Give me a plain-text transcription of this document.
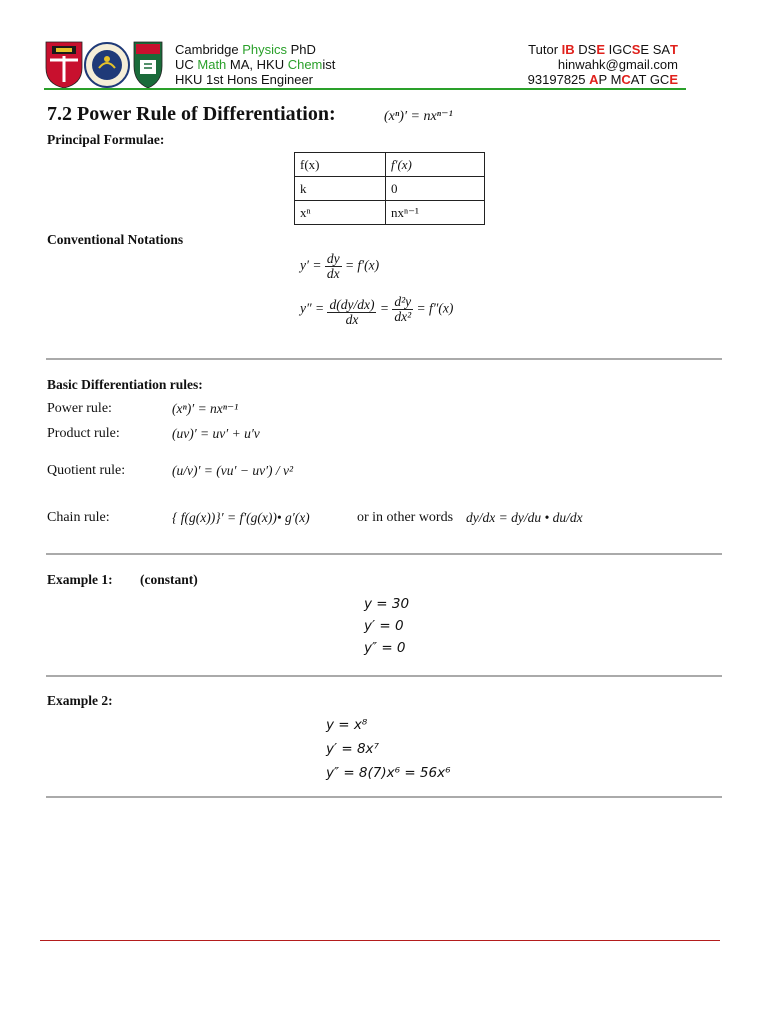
Cambridge Physics PhD
UC Math MA, HKU Chemist
HKU 1st Hons Engineer
Tutor IB DSE IGCSE SAT
hinwahk@gmail.com
93197825 AP MCAT GCE
7.2 Power Rule of Differentiation:	(xⁿ)′ = nxⁿ⁻¹
Principal Formulae:
f(x)	f′(x)
k	0
xⁿ	nxⁿ⁻¹
Conventional Notations
$y' = \frac{dy}{dx} = f'(x)$
$y'' = \frac{d(dy/dx)}{dx} = \frac{\text{d²y}}{\text{dx²}} = f''(x)$
Basic Differentiation rules:
Power rule:	(xⁿ)′ = nxⁿ⁻¹
Product rule:	(uv)′ = uv′ + u′v
Quotient rule:	(u/v)′ = (vu′ − uv′) / v²
Chain rule:	{ f(g(x))}′ = f′(g(x))• g′(x)	or in other words dy/dx = dy/du • du/dx
Example 1: (constant)
y = 30
y′ = 0
y″ = 0
Example 2:
y = x⁸
y′ = 8x⁷
y″ = 8(7)x⁶ = 56x⁶
